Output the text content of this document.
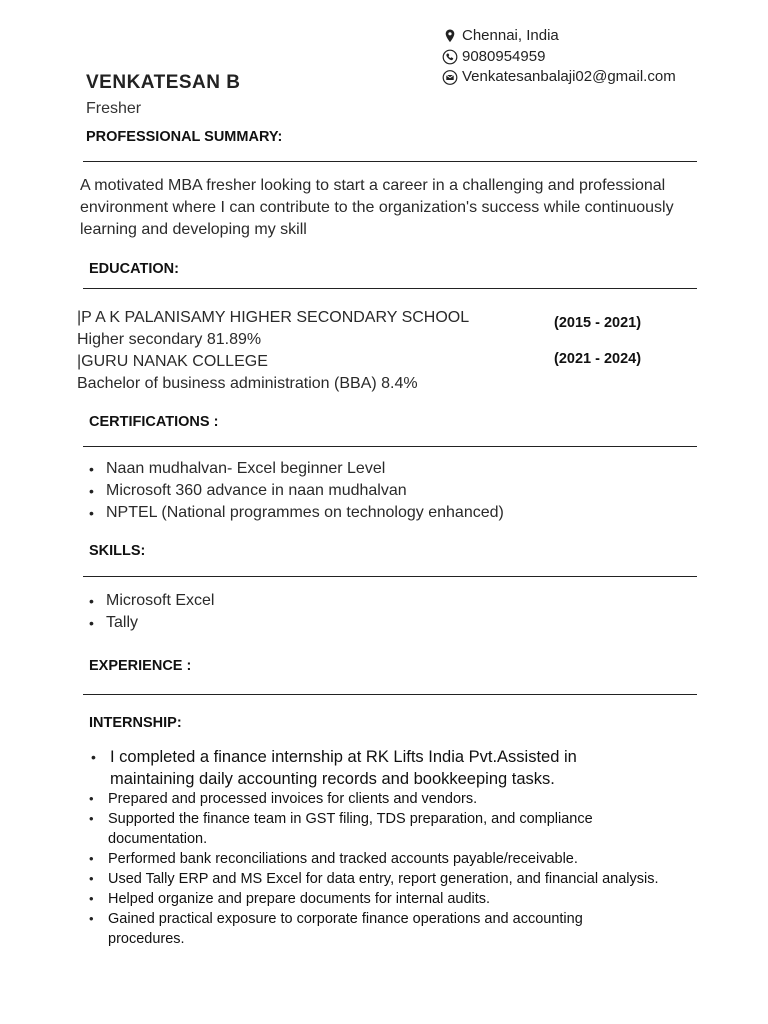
Chennai, India
9080954959
Venkatesanbalaji02@gmail.com
VENKATESAN B
Fresher
PROFESSIONAL SUMMARY:
A motivated MBA fresher looking to start a career in a challenging and professional environment where I can contribute to the organization's success while continuously learning and developing my skill
EDUCATION:
|P A K PALANISAMY HIGHER SECONDARY SCHOOL
Higher secondary 81.89%
|GURU NANAK COLLEGE
Bachelor of business administration (BBA) 8.4%
(2015 - 2021)
(2021 - 2024)
CERTIFICATIONS :
• Naan mudhalvan- Excel beginner Level
• Microsoft 360 advance in naan mudhalvan
• NPTEL (National programmes on technology enhanced)
SKILLS:
• Microsoft Excel
• Tally
EXPERIENCE :
INTERNSHIP:
• I completed a finance internship at RK Lifts India Pvt.Assisted in maintaining daily accounting records and bookkeeping tasks.
• Prepared and processed invoices for clients and vendors.
• Supported the finance team in GST filing, TDS preparation, and compliance documentation.
• Performed bank reconciliations and tracked accounts payable/receivable.
• Used Tally ERP and MS Excel for data entry, report generation, and financial analysis.
• Helped organize and prepare documents for internal audits.
• Gained practical exposure to corporate finance operations and accounting procedures.
